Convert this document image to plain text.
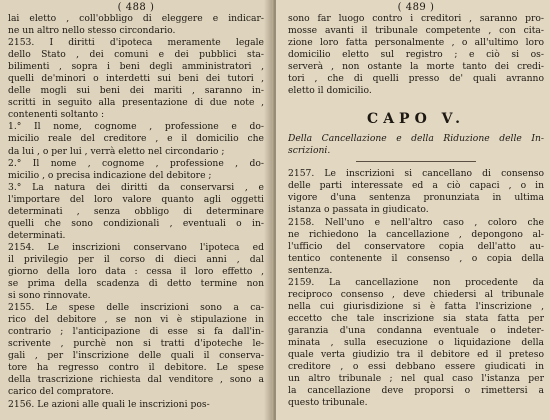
( 488 )
lai eletto , coll'obbligo di eleggere e indicar-
ne un altro nello stesso circondario.
2153. I diritti d'ipoteca meramente legale
dello Stato , dei comuni e dei pubblici sta-
bilimenti , sopra i beni degli amministratori ,
quelli de'minori o interdetti sui beni dei tutori ,
delle mogli sui beni dei mariti , saranno in-
scritti in seguito alla presentazione di due note ,
contenenti soltanto :
1.° Il nome, cognome , professione e do-
micilio reale del creditore , e il domicilio che
da lui , o per lui , verrà eletto nel circondario ;
2.° Il nome , cognome , professione , do-
micilio , o precisa indicazione del debitore ;
3.° La natura dei diritti da conservarsi , e
l'importare del loro valore quanto agli oggetti
determinati , senza obbligo di determinare
quelli che sono condizionali , eventuali o in-
determinati.
2154. Le inscrizioni conservano l'ipoteca ed
il privilegio per il corso di dieci anni , dal
giorno della loro data : cessa il loro effetto ,
se prima della scadenza di detto termine non
si sono rinnovate.
2155. Le spese delle inscrizioni sono a ca-
rico del debitore , se non vi è stipulazione in
contrario ; l'anticipazione di esse si fa dall'in-
scrivente , purchè non si tratti d'ipoteche le-
gali , per l'inscrizione delle quali il conserva-
tore ha regresso contro il debitore. Le spese
della trascrizione richiesta dal venditore , sono a
carico del compratore.
2156. Le azioni alle quali le inscrizioni pos-
( 489 )
sono far luogo contro i creditori , saranno pro-
mosse avanti il tribunale competente , con cita-
zione loro fatta personalmente , o all'ultimo loro
domicilio eletto sul registro ; e ciò si os-
serverà , non ostante la morte tanto dei credi-
tori , che di quelli presso de' quali avranno
eletto il domicilio.
CAPO V.
Della Cancellazione e della Riduzione delle In-
scrizioni.
2157. Le inscrizioni si cancellano di consenso
delle parti interessate ed a ciò capaci , o in
vigore d'una sentenza pronunziata in ultima
istanza o passata in giudicato.
2158. Nell'uno e nell'altro caso , coloro che
ne richiedono la cancellazione , depongono al-
l'ufficio del conservatore copia dell'atto au-
tentico contenente il consenso , o copia della
sentenza.
2159. La cancellazione non procedente da
reciproco consenso , deve chiedersi al tribunale
nella cui giurisdizione si è fatta l'inscrizione ,
eccetto che tale inscrizione sia stata fatta per
garanzia d'una condanna eventuale o indeter-
minata , sulla esecuzione o liquidazione della
quale verta giudizio tra il debitore ed il preteso
creditore , o essi debbano essere giudicati in
un altro tribunale ; nel qual caso l'istanza per
la cancellazione deve proporsi o rimettersi a
questo tribunale.
